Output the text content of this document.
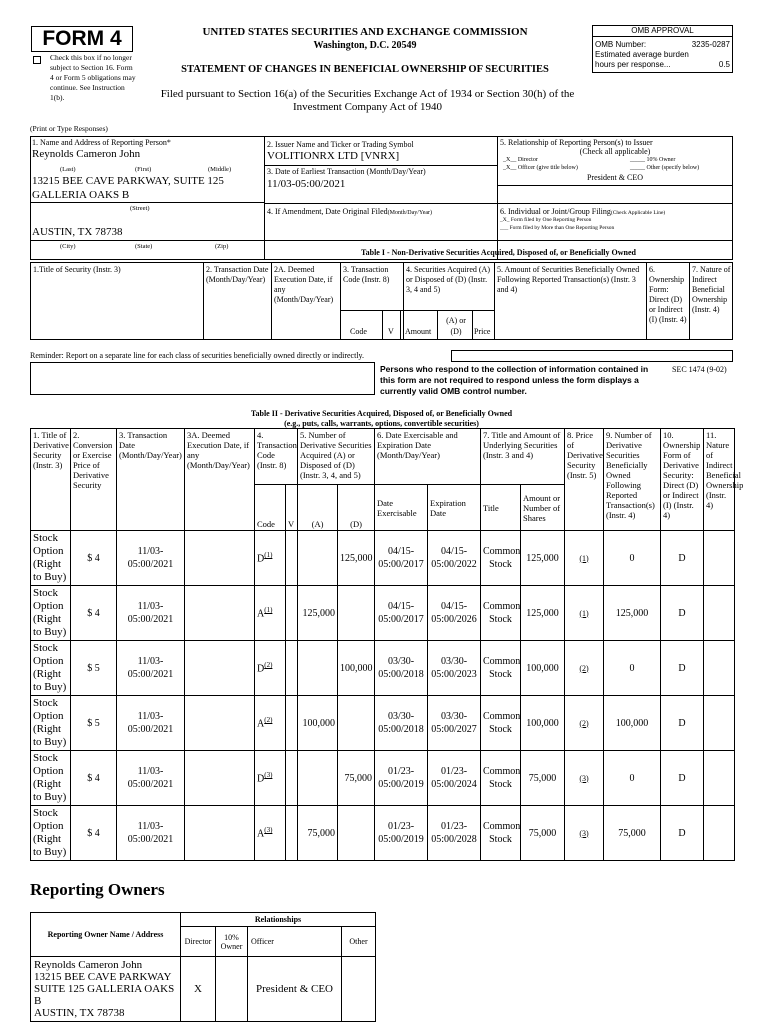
FORM 4
Check this box if no longer subject to Section 16. Form 4 or Form 5 obligations may continue. See Instruction 1(b).
UNITED STATES SECURITIES AND EXCHANGE COMMISSION
Washington, D.C. 20549
STATEMENT OF CHANGES IN BENEFICIAL OWNERSHIP OF SECURITIES
Filed pursuant to Section 16(a) of the Securities Exchange Act of 1934 or Section 30(h) of the Investment Company Act of 1940
OMB APPROVAL
OMB Number:	3235-0287
Estimated average burden
hours per response...	0.5
(Print or Type Responses)
1. Name and Address of Reporting Person*
Reynolds Cameron John
(Last)	(First)	(Middle)
13215 BEE CAVE PARKWAY, SUITE 125
GALLERIA OAKS B
(Street)
AUSTIN, TX 78738
(City)	(State)	(Zip)
2. Issuer Name and Ticker or Trading Symbol
VOLITIONRX LTD [VNRX]
3. Date of Earliest Transaction (Month/Day/Year)
11/03-05:00/2021
4. If Amendment, Date Original Filed(Month/Day/Year)
5. Relationship of Reporting Person(s) to Issuer
(Check all applicable)
_X__ Director	_____ 10% Owner
_X__ Officer (give title below)	_____ Other (specify below)
President & CEO
6. Individual or Joint/Group Filing(Check Applicable Line)
_X_ Form filed by One Reporting Person
___ Form filed by More than One Reporting Person
Table I - Non-Derivative Securities Acquired, Disposed of, or Beneficially Owned
1.Title of Security (Instr. 3)	2. Transaction Date (Month/Day/Year)
2A. Deemed Execution Date, if any (Month/Day/Year)
3. Transaction Code (Instr. 8)
4. Securities Acquired (A) or Disposed of (D) (Instr. 3, 4 and 5)
5. Amount of Securities Beneficially Owned Following Reported Transaction(s) (Instr. 3 and 4)
6. Ownership Form: Direct (D) or Indirect (I) (Instr. 4)
7. Nature of Indirect Beneficial Ownership (Instr. 4)
Code	V Amount
(A) or (D)	Price
Reminder: Report on a separate line for each class of securities beneficially owned directly or indirectly.
Persons who respond to the collection of information contained in this form are not required to respond unless the form displays a currently valid OMB control number.
SEC 1474 (9-02)
Table II - Derivative Securities Acquired, Disposed of, or Beneficially Owned
(e.g., puts, calls, warrants, options, convertible securities)
1. Title of Derivative Security (Instr. 3)	2. Conversion or Exercise Price of Derivative Security	3. Transaction Date (Month/Day/Year)	3A. Deemed Execution Date, if any (Month/Day/Year)	4. Transaction Code (Instr. 8)		5. Number of Derivative Securities Acquired (A) or Disposed of (D) (Instr. 3, 4, and 5)		6. Date Exercisable and Expiration Date (Month/Day/Year)		7. Title and Amount of Underlying Securities (Instr. 3 and 4)		8. Price of Derivative Security (Instr. 5)	9. Number of Derivative Securities Beneficially Owned Following Reported Transaction(s) (Instr. 4)	10. Ownership Form of Derivative Security: Direct (D) or Indirect (I) (Instr. 4)	11. Nature of Indirect Beneficial Ownership (Instr. 4)
				Code	V	(A)	(D)	Date Exercisable	Expiration Date	Title	Amount or Number of Shares				
Stock Option (Right to Buy)	$ 4	11/03-05:00/2021		D$^{(1)}$			125,000	04/15-05:00/2017	04/15-05:00/2022	Common Stock	125,000	(1)	0	D	
Stock Option (Right to Buy)	$ 4	11/03-05:00/2021		A$^{(1)}$		125,000		04/15-05:00/2017	04/15-05:00/2026	Common Stock	125,000	(1)	125,000	D	
Stock Option (Right to Buy)	$ 5	11/03-05:00/2021		D$^{(2)}$			100,000	03/30-05:00/2018	03/30-05:00/2023	Common Stock	100,000	(2)	0	D	
Stock Option (Right to Buy)	$ 5	11/03-05:00/2021		A$^{(2)}$		100,000		03/30-05:00/2018	03/30-05:00/2027	Common Stock	100,000	(2)	100,000	D	
Stock Option (Right to Buy)	$ 4	11/03-05:00/2021		D$^{(3)}$			75,000	01/23-05:00/2019	01/23-05:00/2024	Common Stock	75,000	(3)	0	D	
Stock Option (Right to Buy)	$ 4	11/03-05:00/2021		A$^{(3)}$		75,000		01/23-05:00/2019	01/23-05:00/2028	Common Stock	75,000	(3)	75,000	D	
Reporting Owners
Reporting Owner Name / Address	Relationships			
	Director	10% Owner	Officer	Other

Reynolds Cameron John
13215 BEE CAVE PARKWAY
SUITE 125 GALLERIA OAKS B
AUSTIN, TX 78738	X		President & CEO	
